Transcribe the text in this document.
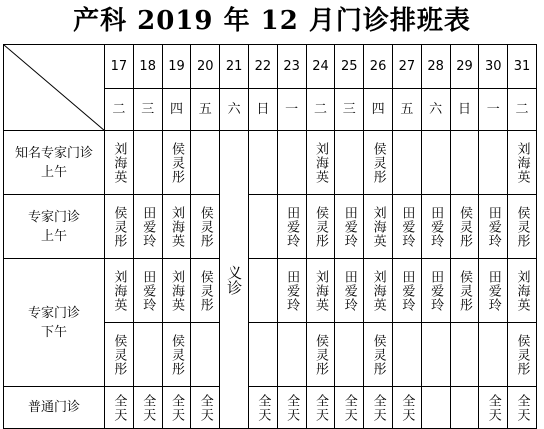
产科 2019 年 12 月门诊排班表
	17	18	19	20	21	22	23	24	25	26	27	28	29	30	31
	二	三	四	五	六	日	一	二	三	四	五	六	日	一	二

知名专家门诊
上午	刘海英		侯灵彤		义诊			刘海英		侯灵彤					刘海英

专家门诊
上午	侯灵彤	田爱玲	刘海英	侯灵彤			田爱玲	侯灵彤	田爱玲	刘海英	田爱玲	田爱玲	侯灵彤	田爱玲	侯灵彤

专家门诊
下午	刘海英	田爱玲	刘海英	侯灵彤			田爱玲	刘海英	田爱玲	刘海英	田爱玲	田爱玲	侯灵彤	田爱玲	刘海英

	侯灵彤		侯灵彤					侯灵彤		侯灵彤					侯灵彤

普通门诊	全天	全天	全天	全天		全天	全天	全天	全天	全天	全天			全天	全天
